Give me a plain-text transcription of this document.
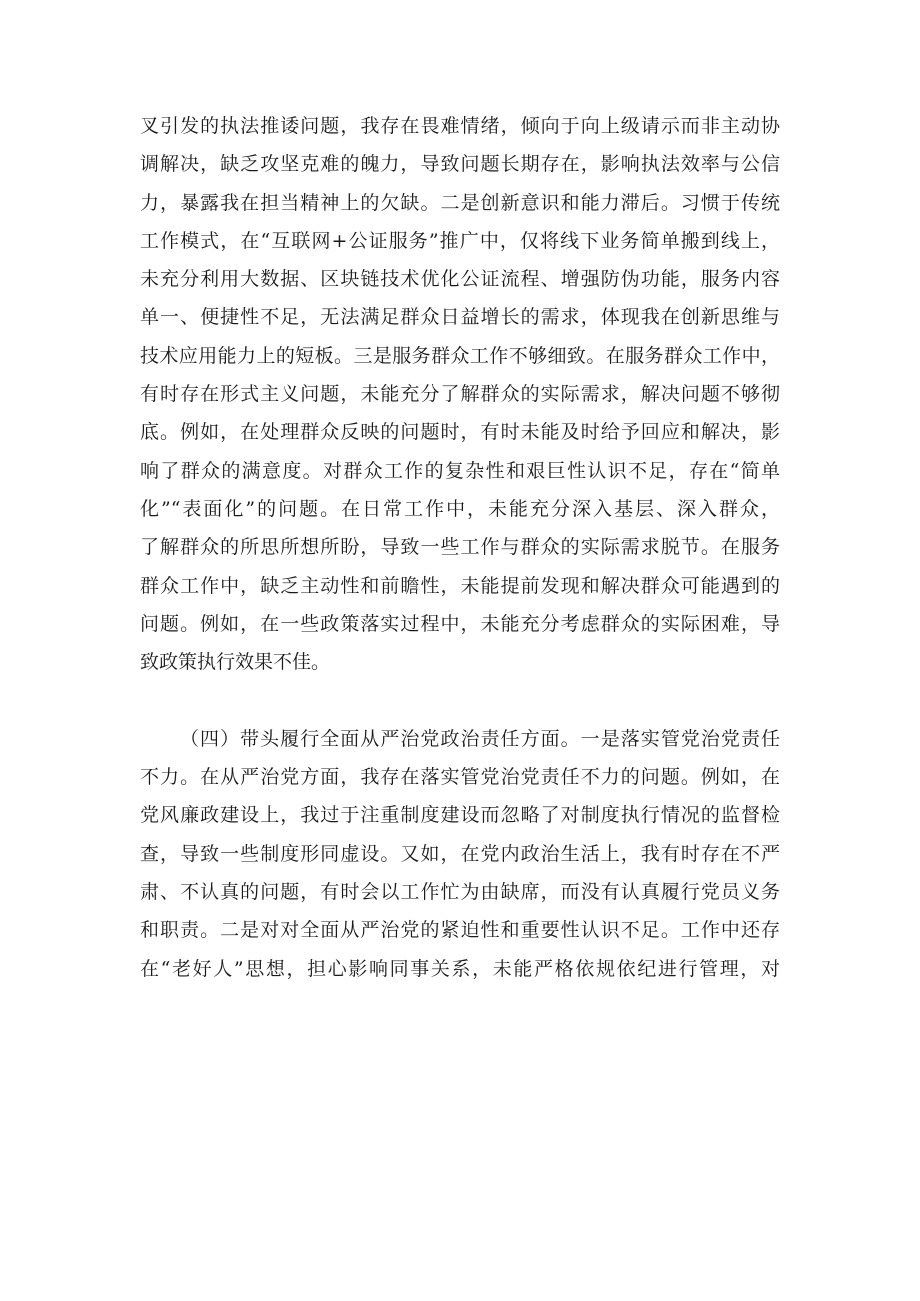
叉引发的执法推诿问题，我存在畏难情绪，倾向于向上级请示而非主动协
调解决，缺乏攻坚克难的魄力，导致问题长期存在，影响执法效率与公信
力，暴露我在担当精神上的欠缺。二是创新意识和能力滞后。习惯于传统
工作模式，在“互联网+公证服务”推广中，仅将线下业务简单搬到线上，
未充分利用大数据、区块链技术优化公证流程、增强防伪功能，服务内容
单一、便捷性不足，无法满足群众日益增长的需求，体现我在创新思维与
技术应用能力上的短板。三是服务群众工作不够细致。在服务群众工作中，
有时存在形式主义问题，未能充分了解群众的实际需求，解决问题不够彻
底。例如，在处理群众反映的问题时，有时未能及时给予回应和解决，影
响了群众的满意度。对群众工作的复杂性和艰巨性认识不足，存在“简单
化”“表面化”的问题。在日常工作中，未能充分深入基层、深入群众，
了解群众的所思所想所盼，导致一些工作与群众的实际需求脱节。在服务
群众工作中，缺乏主动性和前瞻性，未能提前发现和解决群众可能遇到的
问题。例如，在一些政策落实过程中，未能充分考虑群众的实际困难，导
致政策执行效果不佳。
（四）带头履行全面从严治党政治责任方面。一是落实管党治党责任
不力。在从严治党方面，我存在落实管党治党责任不力的问题。例如，在
党风廉政建设上，我过于注重制度建设而忽略了对制度执行情况的监督检
查，导致一些制度形同虚设。又如，在党内政治生活上，我有时存在不严
肃、不认真的问题，有时会以工作忙为由缺席，而没有认真履行党员义务
和职责。二是对对全面从严治党的紧迫性和重要性认识不足。工作中还存
在“老好人”思想，担心影响同事关系，未能严格依规依纪进行管理，对
